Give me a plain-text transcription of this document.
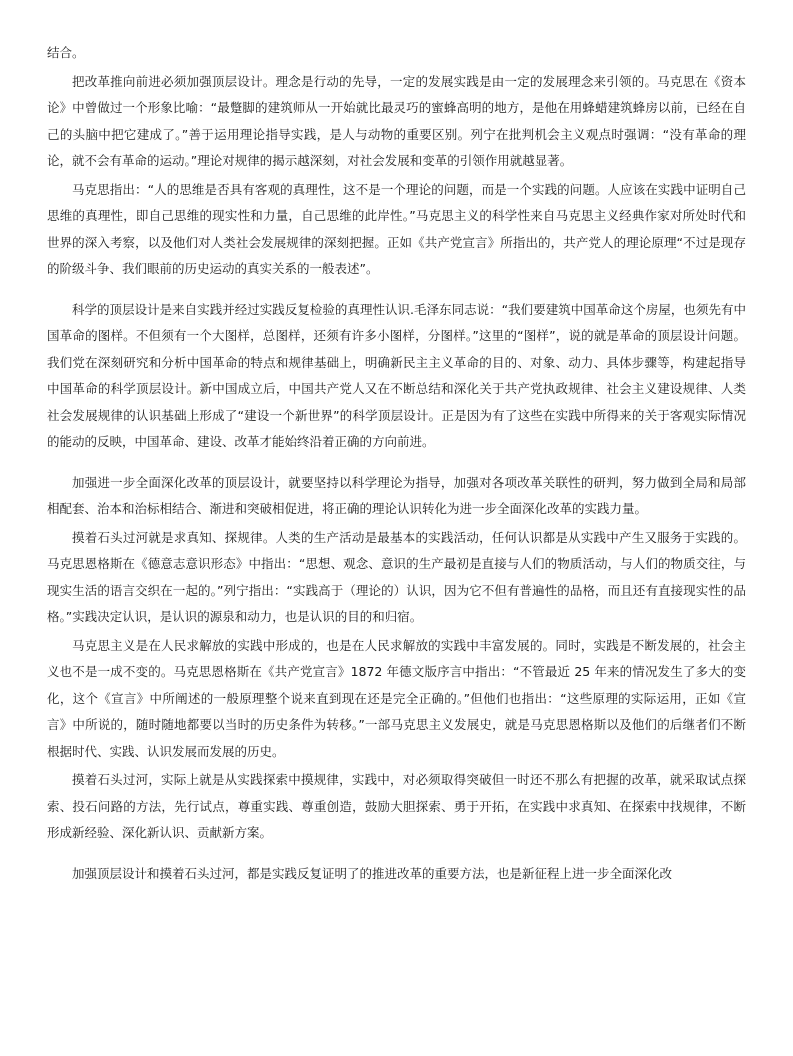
结合。

把改革推向前进必须加强顶层设计。理念是行动的先导，一定的发展实践是由一定的发展理念来引领的。马克思在《资本论》中曾做过一个形象比喻：“最蹩脚的建筑师从一开始就比最灵巧的蜜蜂高明的地方，是他在用蜂蜡建筑蜂房以前，已经在自己的头脑中把它建成了。”善于运用理论指导实践，是人与动物的重要区别。列宁在批判机会主义观点时强调：“没有革命的理论，就不会有革命的运动。”理论对规律的揭示越深刻，对社会发展和变革的引领作用就越显著。

马克思指出：“人的思维是否具有客观的真理性，这不是一个理论的问题，而是一个实践的问题。人应该在实践中证明自己思维的真理性，即自己思维的现实性和力量，自己思维的此岸性。”马克思主义的科学性来自马克思主义经典作家对所处时代和世界的深入考察，以及他们对人类社会发展规律的深刻把握。正如《共产党宣言》所指出的，共产党人的理论原理“不过是现存的阶级斗争、我们眼前的历史运动的真实关系的一般表述”。

科学的顶层设计是来自实践并经过实践反复检验的真理性认识.毛泽东同志说：“我们要建筑中国革命这个房屋，也须先有中国革命的图样。不但须有一个大图样，总图样，还须有许多小图样，分图样。”这里的“图样”，说的就是革命的顶层设计问题。我们党在深刻研究和分析中国革命的特点和规律基础上，明确新民主主义革命的目的、对象、动力、具体步骤等，构建起指导中国革命的科学顶层设计。新中国成立后，中国共产党人又在不断总结和深化关于共产党执政规律、社会主义建设规律、人类社会发展规律的认识基础上形成了“建设一个新世界”的科学顶层设计。正是因为有了这些在实践中所得来的关于客观实际情况的能动的反映，中国革命、建设、改革才能始终沿着正确的方向前进。

加强进一步全面深化改革的顶层设计，就要坚持以科学理论为指导，加强对各项改革关联性的研判，努力做到全局和局部相配套、治本和治标相结合、渐进和突破相促进，将正确的理论认识转化为进一步全面深化改革的实践力量。

摸着石头过河就是求真知、探规律。人类的生产活动是最基本的实践活动，任何认识都是从实践中产生又服务于实践的。马克思恩格斯在《德意志意识形态》中指出：“思想、观念、意识的生产最初是直接与人们的物质活动，与人们的物质交往，与现实生活的语言交织在一起的。”列宁指出：“实践高于（理论的）认识，因为它不但有普遍性的品格，而且还有直接现实性的品格。”实践决定认识，是认识的源泉和动力，也是认识的目的和归宿。

马克思主义是在人民求解放的实践中形成的，也是在人民求解放的实践中丰富发展的。同时，实践是不断发展的，社会主义也不是一成不变的。马克思恩格斯在《共产党宣言》1872 年德文版序言中指出：“不管最近 25 年来的情况发生了多大的变化，这个《宣言》中所阐述的一般原理整个说来直到现在还是完全正确的。”但他们也指出：“这些原理的实际运用，正如《宣言》中所说的，随时随地都要以当时的历史条件为转移。”一部马克思主义发展史，就是马克思恩格斯以及他们的后继者们不断根据时代、实践、认识发展而发展的历史。

摸着石头过河，实际上就是从实践探索中摸规律，实践中，对必须取得突破但一时还不那么有把握的改革，就采取试点探索、投石问路的方法，先行试点，尊重实践、尊重创造，鼓励大胆探索、勇于开拓，在实践中求真知、在探索中找规律，不断形成新经验、深化新认识、贡献新方案。

加强顶层设计和摸着石头过河，都是实践反复证明了的推进改革的重要方法，也是新征程上进一步全面深化改
